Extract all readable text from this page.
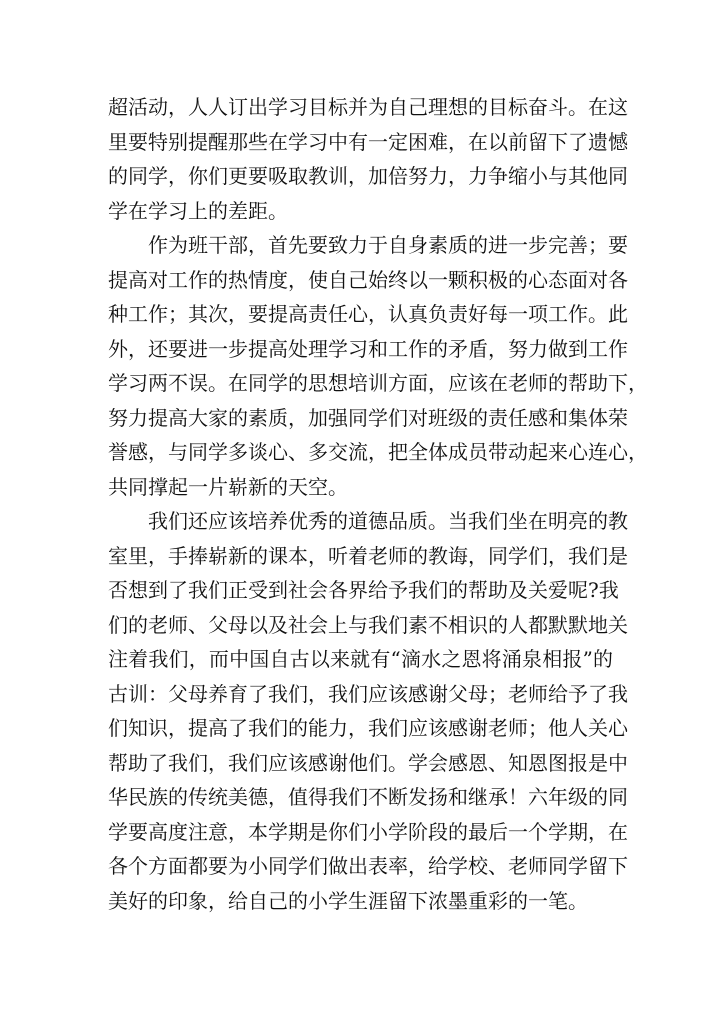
超活动，人人订出学习目标并为自己理想的目标奋斗。在这
里要特别提醒那些在学习中有一定困难，在以前留下了遗憾
的同学，你们更要吸取教训，加倍努力，力争缩小与其他同
学在学习上的差距。
　　作为班干部，首先要致力于自身素质的进一步完善；要
提高对工作的热情度，使自己始终以一颗积极的心态面对各
种工作；其次，要提高责任心，认真负责好每一项工作。此
外，还要进一步提高处理学习和工作的矛盾，努力做到工作
学习两不误。在同学的思想培训方面，应该在老师的帮助下，
努力提高大家的素质，加强同学们对班级的责任感和集体荣
誉感，与同学多谈心、多交流，把全体成员带动起来心连心，
共同撑起一片崭新的天空。
　　我们还应该培养优秀的道德品质。当我们坐在明亮的教
室里，手捧崭新的课本，听着老师的教诲，同学们，我们是
否想到了我们正受到社会各界给予我们的帮助及关爱呢?我
们的老师、父母以及社会上与我们素不相识的人都默默地关
注着我们，而中国自古以来就有“滴水之恩将涌泉相报”的
古训：父母养育了我们，我们应该感谢父母；老师给予了我
们知识，提高了我们的能力，我们应该感谢老师；他人关心
帮助了我们，我们应该感谢他们。学会感恩、知恩图报是中
华民族的传统美德，值得我们不断发扬和继承！六年级的同
学要高度注意，本学期是你们小学阶段的最后一个学期，在
各个方面都要为小同学们做出表率，给学校、老师同学留下
美好的印象，给自己的小学生涯留下浓墨重彩的一笔。
